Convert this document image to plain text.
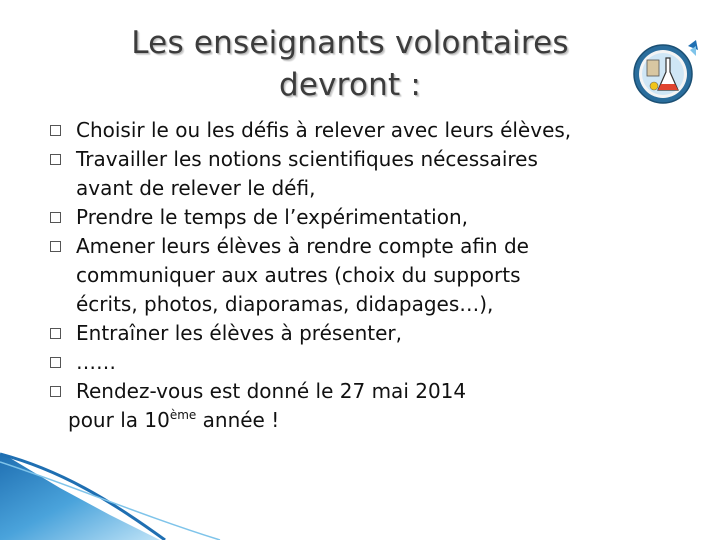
Les enseignants volontaires
devront :
Choisir le ou les défis à relever avec leurs élèves,
Travailler les notions scientifiques nécessaires
avant de relever le défi,
Prendre le temps de l’expérimentation,
Amener leurs élèves à rendre compte afin de
communiquer aux autres (choix du supports
écrits, photos, diaporamas, didapages…),
Entraîner les élèves à présenter,
……
Rendez-vous est donné le 27 mai 2014
pour la 10ème année !
